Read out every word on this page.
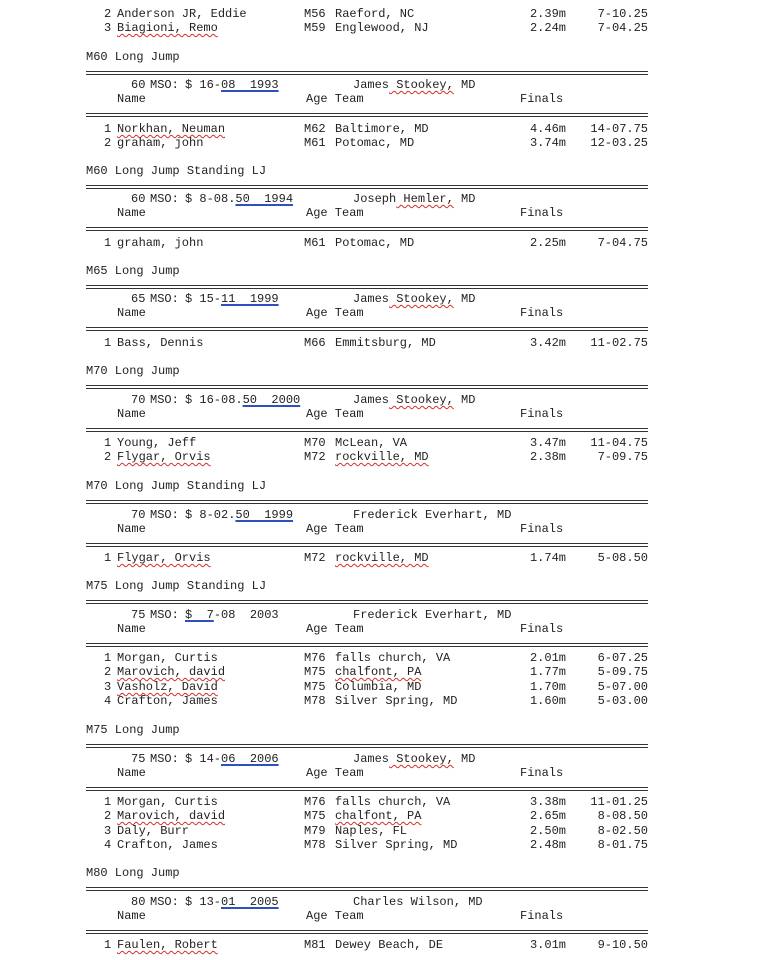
2 Anderson JR, Eddie	M56 Raeford, NC	2.39m	7-10.25
3 Biagioni, Remo	M59 Englewood, NJ	2.24m	7-04.25
M60 Long Jump
60 MSO: $ 16-08  1993	James Stookey, MD
Name	Age Team	Finals
1 Norkhan, Neuman	M62 Baltimore, MD	4.46m 14-07.75
2 graham, john	M61 Potomac, MD	3.74m 12-03.25
M60 Long Jump Standing LJ
60 MSO: $ 8-08.50  1994	Joseph Hemler, MD
Name	Age Team	Finals
1 graham, john	M61 Potomac, MD	2.25m	7-04.75
M65 Long Jump
65 MSO: $ 15-11  1999	James Stookey, MD
Name	Age Team	Finals
1 Bass, Dennis	M66 Emmitsburg, MD	3.42m 11-02.75
M70 Long Jump
70 MSO: $ 16-08.50  2000	James Stookey, MD
Name	Age Team	Finals
1 Young, Jeff	M70 McLean, VA	3.47m 11-04.75
2 Flygar, Orvis	M72 rockville, MD	2.38m	7-09.75
M70 Long Jump Standing LJ
70 MSO: $ 8-02.50  1999	Frederick Everhart, MD
Name	Age Team	Finals
1 Flygar, Orvis	M72 rockville, MD	1.74m	5-08.50
M75 Long Jump Standing LJ
75 MSO: $  7-08  2003	Frederick Everhart, MD
Name	Age Team	Finals
1 Morgan, Curtis	M76 falls church, VA	2.01m	6-07.25
2 Marovich, david	M75 chalfont, PA	1.77m	5-09.75
3 Vasholz, David	M75 Columbia, MD	1.70m	5-07.00
4 Crafton, James	M78 Silver Spring, MD	1.60m	5-03.00
M75 Long Jump
75 MSO: $ 14-06  2006	James Stookey, MD
Name	Age Team	Finals
1 Morgan, Curtis	M76 falls church, VA	3.38m 11-01.25
2 Marovich, david	M75 chalfont, PA	2.65m	8-08.50
3 Daly, Burr	M79 Naples, FL	2.50m	8-02.50
4 Crafton, James	M78 Silver Spring, MD	2.48m	8-01.75
M80 Long Jump
80 MSO: $ 13-01  2005	Charles Wilson, MD
Name	Age Team	Finals
1 Faulen, Robert	M81 Dewey Beach, DE	3.01m	9-10.50
